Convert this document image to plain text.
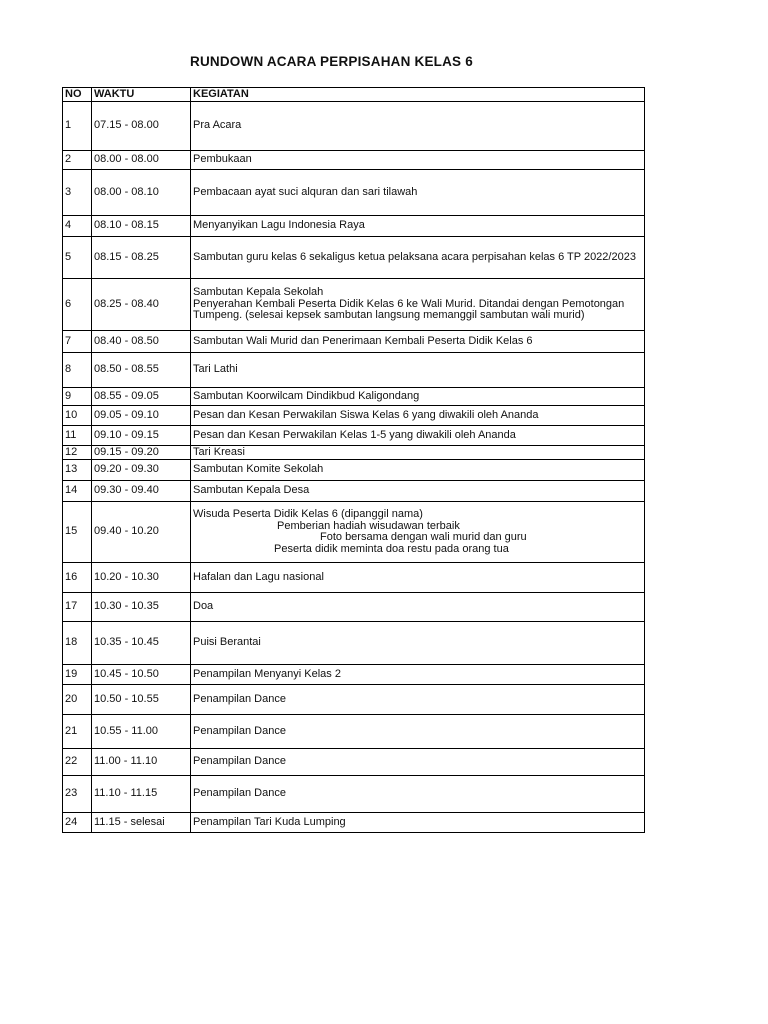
RUNDOWN ACARA PERPISAHAN KELAS 6
NO	WAKTU	KEGIATAN
1	07.15 - 08.00	Pra Acara

2	08.00 - 08.00	Pembukaan

3	08.00 - 08.10	Pembacaan ayat suci alquran dan sari tilawah

4	08.10 - 08.15	Menyanyikan Lagu Indonesia Raya

5	08.15 - 08.25	Sambutan guru kelas 6 sekaligus ketua pelaksana acara perpisahan kelas 6 TP 2022/2023

6	08.25 - 08.40	Sambutan Kepala Sekolah
Penyerahan Kembali Peserta Didik Kelas 6 ke Wali Murid. Ditandai dengan Pemotongan Tumpeng. (selesai kepsek sambutan langsung memanggil sambutan wali murid)

7	08.40 - 08.50	Sambutan Wali Murid dan Penerimaan Kembali Peserta Didik Kelas 6

8	08.50 - 08.55	Tari Lathi

9	08.55 - 09.05	Sambutan Koorwilcam Dindikbud Kaligondang

10	09.05 - 09.10	Pesan dan Kesan Perwakilan Siswa Kelas 6 yang diwakili oleh Ananda

11	09.10 - 09.15	Pesan dan Kesan Perwakilan Kelas 1-5 yang diwakili oleh Ananda

12	09.15 - 09.20	Tari Kreasi

13	09.20 - 09.30	Sambutan Komite Sekolah

14	09.30 - 09.40	Sambutan Kepala Desa

15	09.40 - 10.20	Wisuda Peserta Didik Kelas 6 (dipanggil nama)
Pemberian hadiah wisudawan terbaik
Foto bersama dengan wali murid dan guru
Peserta didik meminta doa restu pada orang tua

16	10.20 - 10.30	Hafalan dan Lagu nasional

17	10.30 - 10.35	Doa

18	10.35 - 10.45	Puisi Berantai

19	10.45 - 10.50	Penampilan Menyanyi Kelas 2

20	10.50 - 10.55	Penampilan Dance

21	10.55 - 11.00	Penampilan Dance

22	11.00 - 11.10	Penampilan Dance

23	11.10 - 11.15	Penampilan Dance

24	11.15 - selesai	Penampilan Tari Kuda Lumping
